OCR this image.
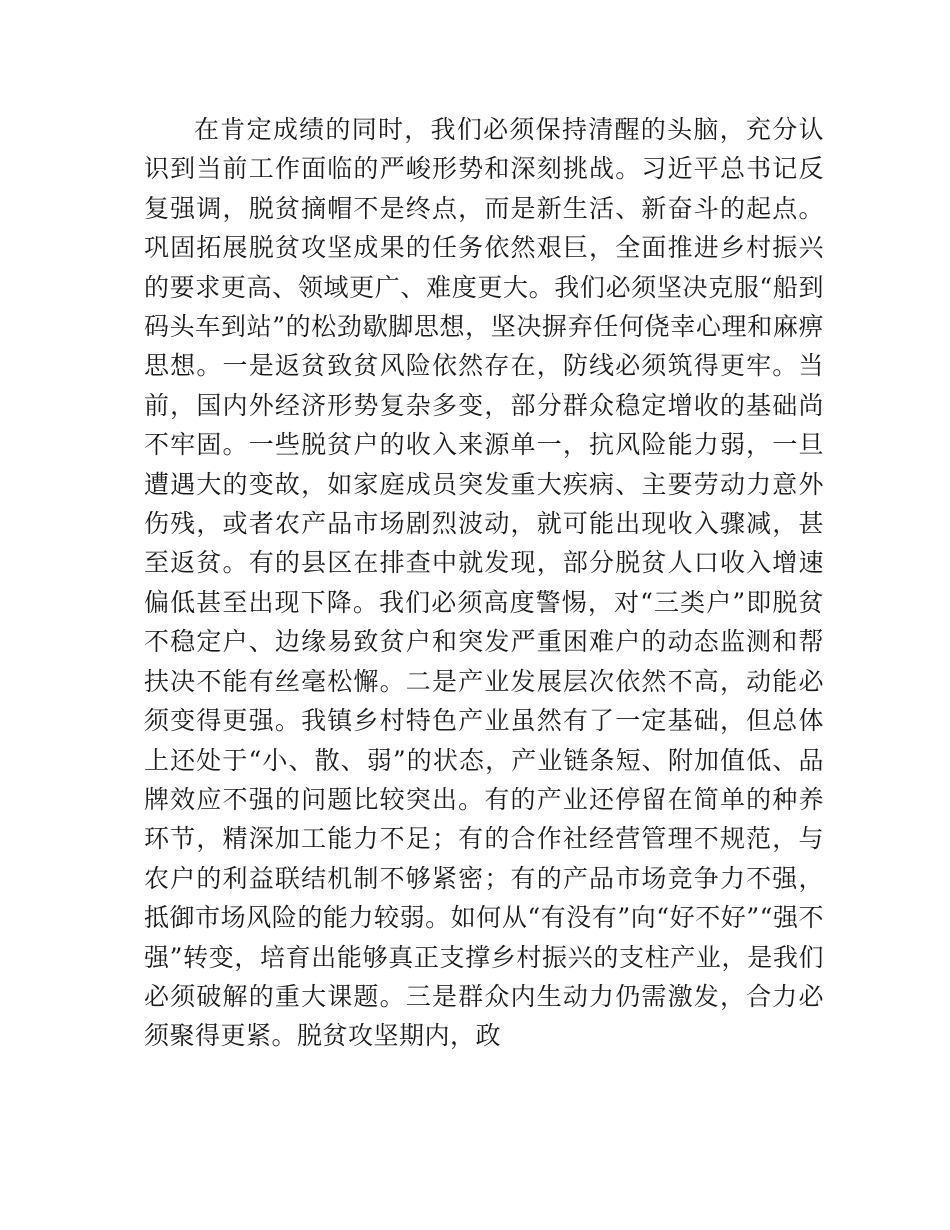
在肯定成绩的同时，我们必须保持清醒的头脑，充分认识到当前工作面临的严峻形势和深刻挑战。习近平总书记反复强调，脱贫摘帽不是终点，而是新生活、新奋斗的起点。巩固拓展脱贫攻坚成果的任务依然艰巨，全面推进乡村振兴的要求更高、领域更广、难度更大。我们必须坚决克服“船到码头车到站”的松劲歇脚思想，坚决摒弃任何侥幸心理和麻痹思想。一是返贫致贫风险依然存在，防线必须筑得更牢。当前，国内外经济形势复杂多变，部分群众稳定增收的基础尚不牢固。一些脱贫户的收入来源单一，抗风险能力弱，一旦遭遇大的变故，如家庭成员突发重大疾病、主要劳动力意外伤残，或者农产品市场剧烈波动，就可能出现收入骤减，甚至返贫。有的县区在排查中就发现，部分脱贫人口收入增速偏低甚至出现下降。我们必须高度警惕，对“三类户”即脱贫不稳定户、边缘易致贫户和突发严重困难户的动态监测和帮扶决不能有丝毫松懈。二是产业发展层次依然不高，动能必须变得更强。我镇乡村特色产业虽然有了一定基础，但总体上还处于“小、散、弱”的状态，产业链条短、附加值低、品牌效应不强的问题比较突出。有的产业还停留在简单的种养环节，精深加工能力不足；有的合作社经营管理不规范，与农户的利益联结机制不够紧密；有的产品市场竞争力不强，抵御市场风险的能力较弱。如何从“有没有”向“好不好”“强不强”转变，培育出能够真正支撑乡村振兴的支柱产业，是我们必须破解的重大课题。三是群众内生动力仍需激发，合力必须聚得更紧。脱贫攻坚期内，政
